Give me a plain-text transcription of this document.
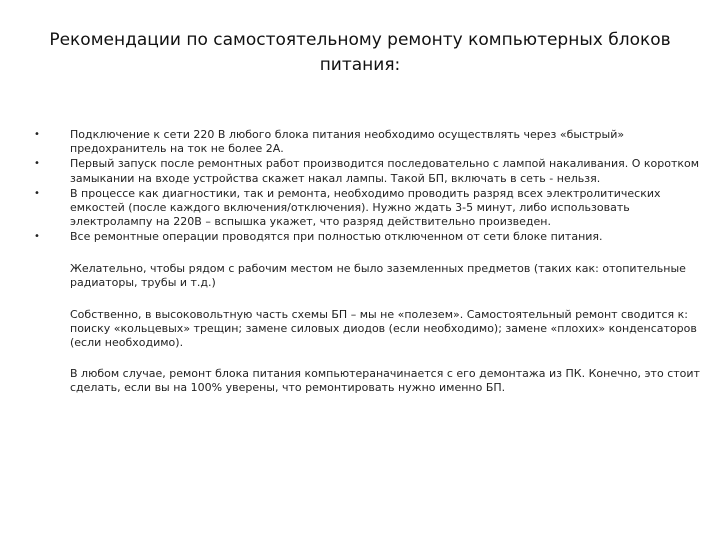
Рекомендации по самостоятельному ремонту компьютерных блоков питания:
• Подключение к сети 220 В любого блока питания необходимо осуществлять через «быстрый» предохранитель на ток не более 2А.
• Первый запуск после ремонтных работ производится последовательно с лампой накаливания. О коротком замыкании на входе устройства скажет накал лампы. Такой БП, включать в сеть - нельзя.
• В процессе как диагностики, так и ремонта, необходимо проводить разряд всех электролитических емкостей (после каждого включения/отключения). Нужно ждать 3-5 минут, либо использовать электролампу на 220В – вспышка укажет, что разряд действительно произведен.
• Все ремонтные операции проводятся при полностью отключенном от сети блоке питания.

Желательно, чтобы рядом с рабочим местом не было заземленных предметов (таких как: отопительные радиаторы, трубы и т.д.)

Собственно, в высоковольтную часть схемы БП – мы не «полезем». Самостоятельный ремонт сводится к: поиску «кольцевых» трещин; замене силовых диодов (если необходимо); замене «плохих» конденсаторов (если необходимо).

В любом случае, ремонт блока питания компьютераначинается с его демонтажа из ПК. Конечно, это стоит сделать, если вы на 100% уверены, что ремонтировать нужно именно БП.
